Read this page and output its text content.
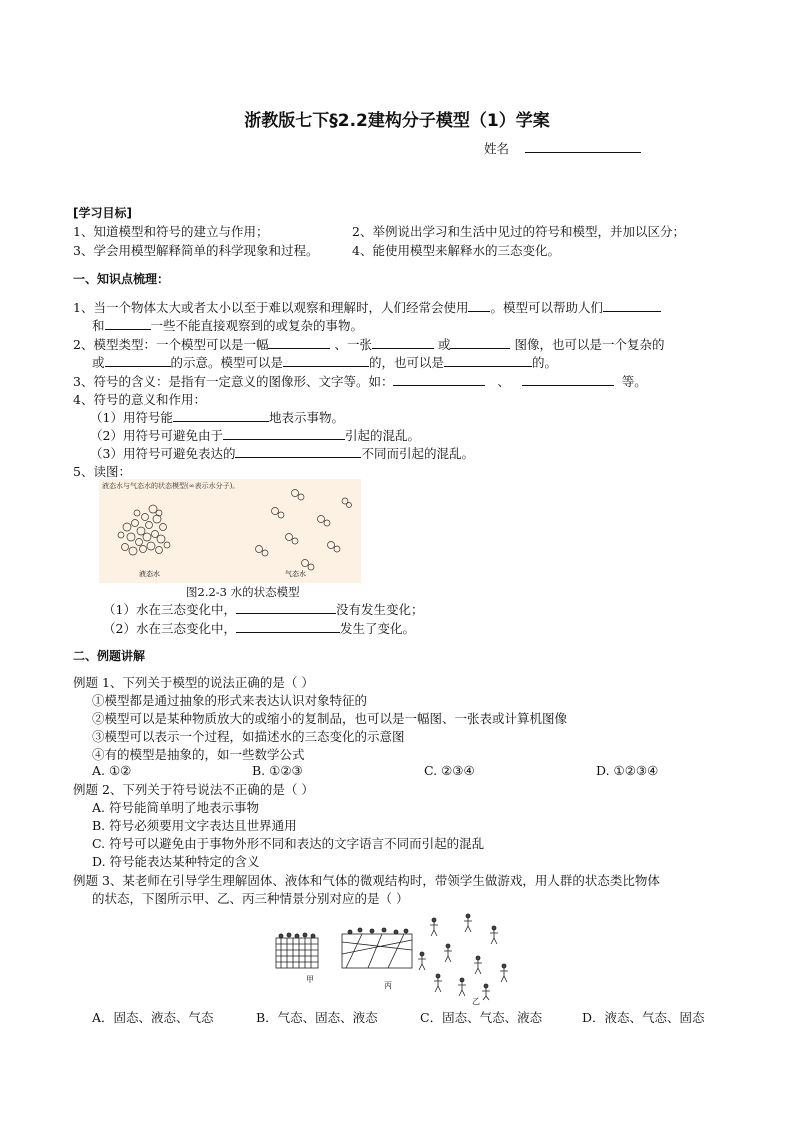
浙教版七下§2.2建构分子模型（1）学案
姓名
[学习目标]
1、知道模型和符号的建立与作用；	2、举例说出学习和生活中见过的符号和模型，并加以区分；
3、学会用模型解释简单的科学现象和过程。	4、能使用模型来解释水的三态变化。
一、知识点梳理：
1、当一个物体太大或者太小以至于难以观察和理解时，人们经常会使用 。模型可以帮助人们
和	一些不能直接观察到的或复杂的事物。
2、模型类型：一个模型可以是一幅	、一张	或	图像，也可以是一个复杂的
或	的示意。模型可以是	的，也可以是	的。
3、符号的含义：是指有一定意义的图像形、文字等。如：	、	等。
4、符号的意义和作用：
（1）用符号能	地表示事物。
（2）用符号可避免由于	引起的混乱。
（3）用符号可避免表达的	不同而引起的混乱。
5、读图：
液态水与气态水的状态模型(∞表示水分子)。
液态水	气态水
图2.2-3 水的状态模型
（1）水在三态变化中，	没有发生变化；
（2）水在三态变化中，	发生了变化。
二、例题讲解
例题 1、下列关于模型的说法正确的是（ ）
①模型都是通过抽象的形式来表达认识对象特征的
②模型可以是某种物质放大的或缩小的复制品，也可以是一幅图、一张表或计算机图像
③模型可以表示一个过程，如描述水的三态变化的示意图
④有的模型是抽象的，如一些数学公式
A. ①②	B. ①②③	C. ②③④	D. ①②③④
例题 2、下列关于符号说法不正确的是（ ）
A. 符号能简单明了地表示事物
B. 符号必须要用文字表达且世界通用
C. 符号可以避免由于事物外形不同和表达的文字语言不同而引起的混乱
D. 符号能表达某种特定的含义
例题 3、某老师在引导学生理解固体、液体和气体的微观结构时，带领学生做游戏，用人群的状态类比物体
的状态，下图所示甲、乙、丙三种情景分别对应的是（ ）
甲
丙
乙
A．固态、液态、气态	B．气态、固态、液态	C．固态、气态、液态	D．液态、气态、固态
